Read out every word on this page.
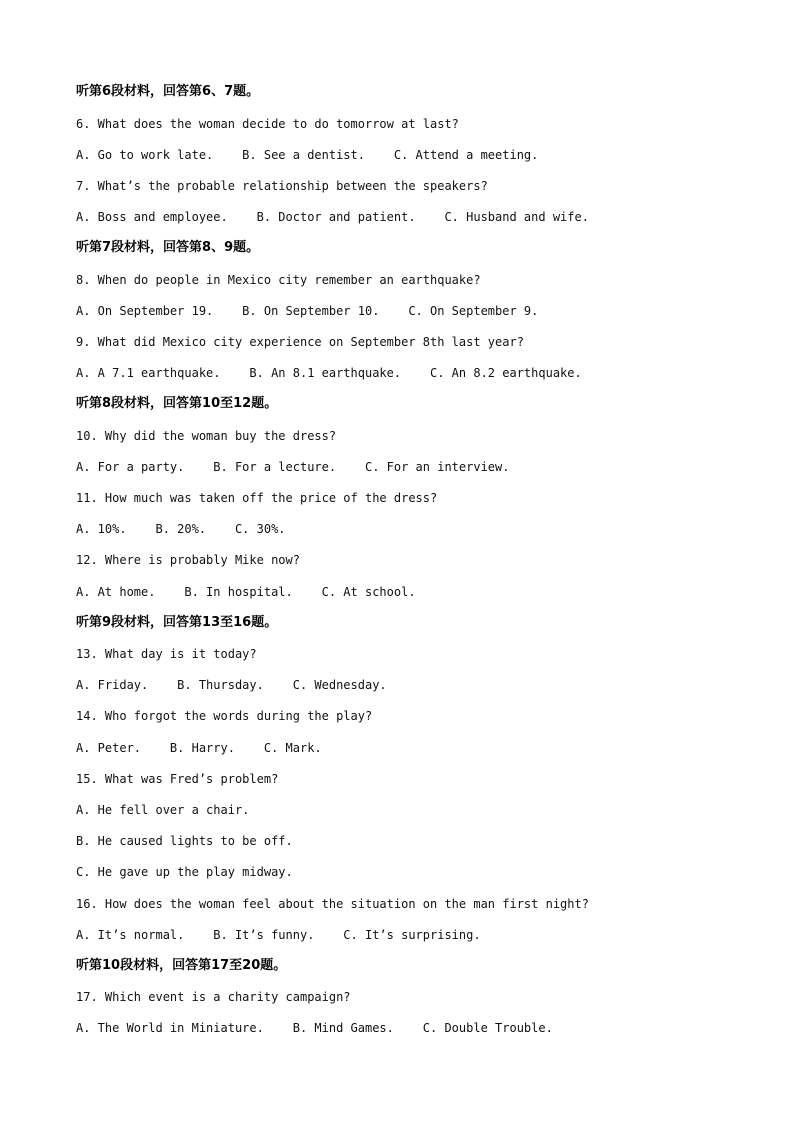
听第6段材料，回答第6、7题。
6. What does the woman decide to do tomorrow at last?
A. Go to work late.    B. See a dentist.    C. Attend a meeting.
7. What’s the probable relationship between the speakers?
A. Boss and employee.    B. Doctor and patient.    C. Husband and wife.
听第7段材料，回答第8、9题。
8. When do people in Mexico city remember an earthquake?
A. On September 19.    B. On September 10.    C. On September 9.
9. What did Mexico city experience on September 8th last year?
A. A 7.1 earthquake.    B. An 8.1 earthquake.    C. An 8.2 earthquake.
听第8段材料，回答第10至12题。
10. Why did the woman buy the dress?
A. For a party.    B. For a lecture.    C. For an interview.
11. How much was taken off the price of the dress?
A. 10%.    B. 20%.    C. 30%.
12. Where is probably Mike now?
A. At home.    B. In hospital.    C. At school.
听第9段材料，回答第13至16题。
13. What day is it today?
A. Friday.    B. Thursday.    C. Wednesday.
14. Who forgot the words during the play?
A. Peter.    B. Harry.    C. Mark.
15. What was Fred’s problem?
A. He fell over a chair.
B. He caused lights to be off.
C. He gave up the play midway.
16. How does the woman feel about the situation on the man first night?
A. It’s normal.    B. It’s funny.    C. It’s surprising.
听第10段材料，回答第17至20题。
17. Which event is a charity campaign?
A. The World in Miniature.    B. Mind Games.    C. Double Trouble.
